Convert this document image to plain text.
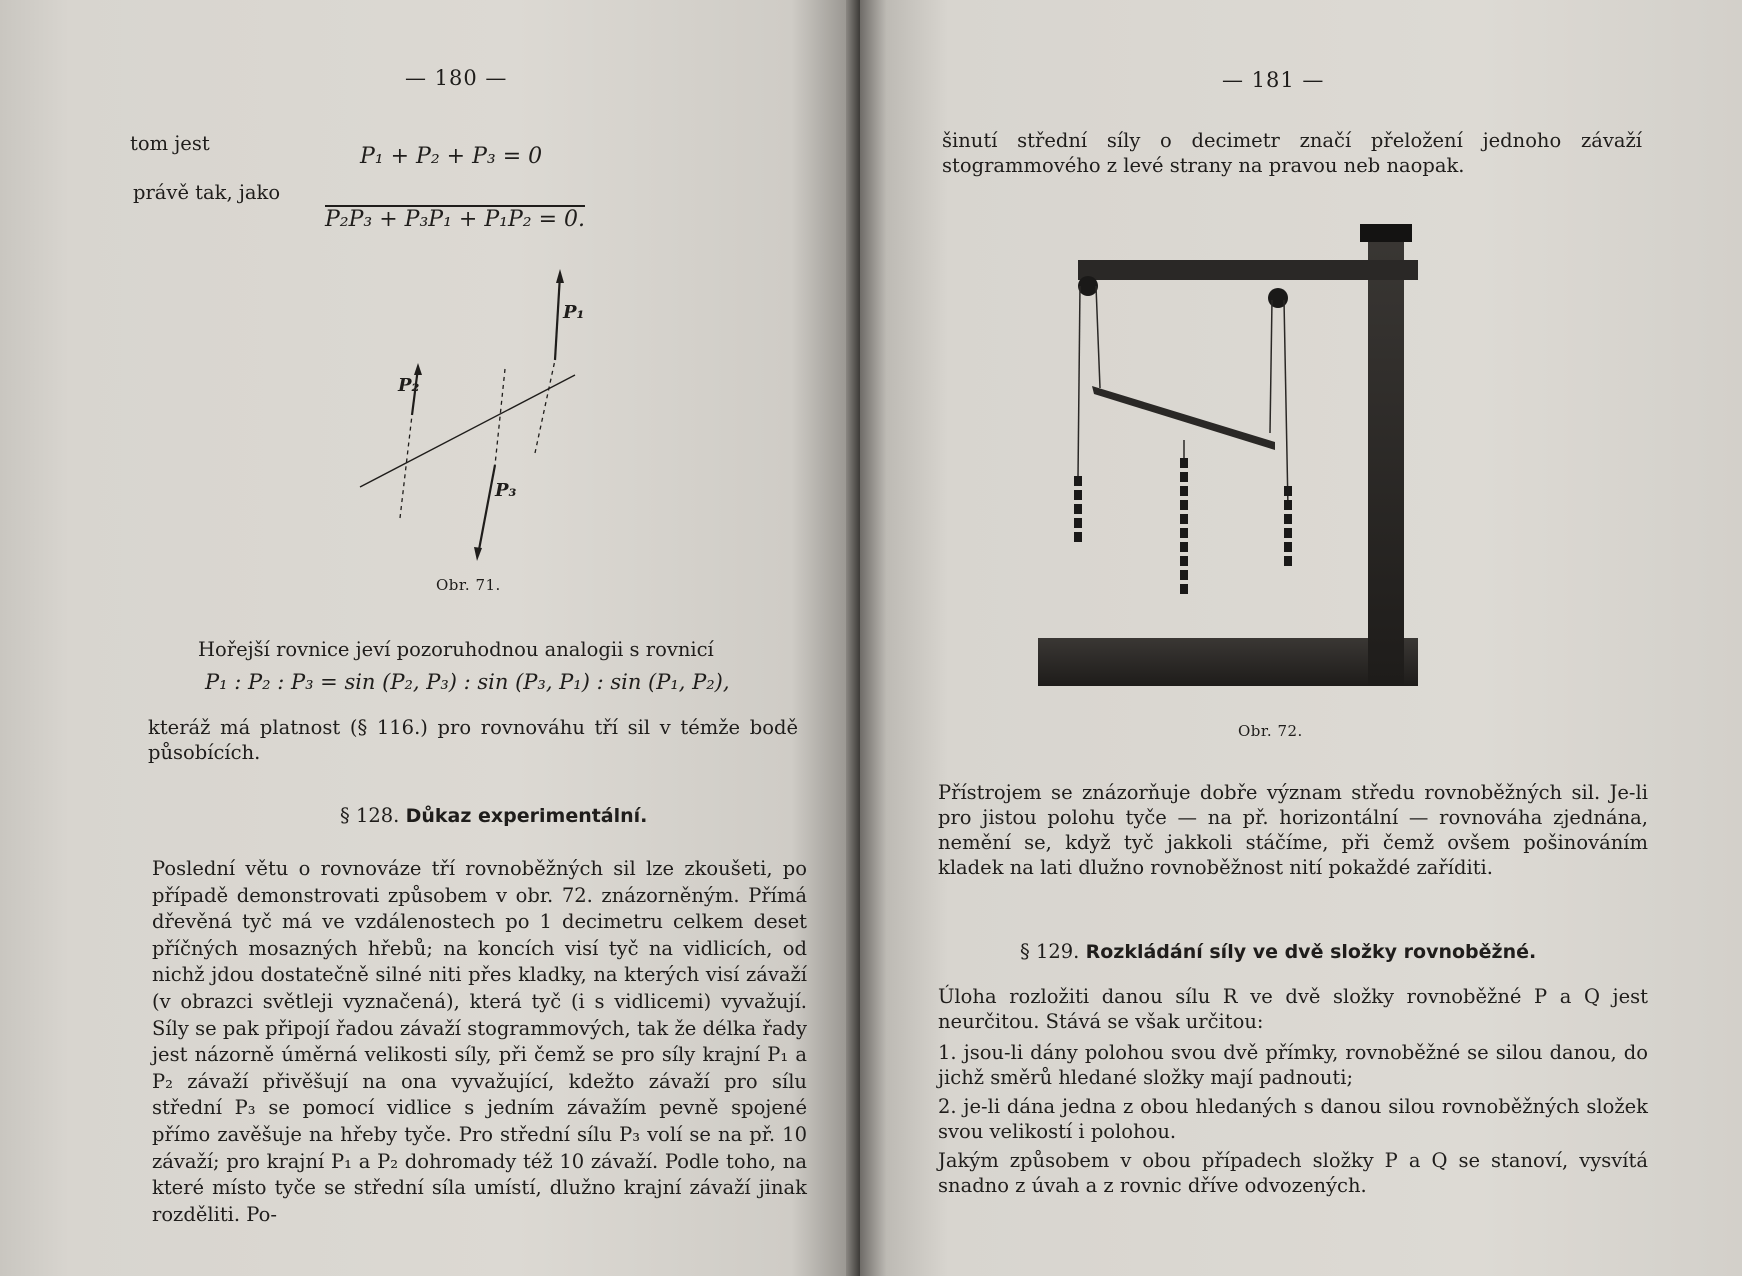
— 180 —
tom jest
P₁ + P₂ + P₃ = 0
právě tak, jako
P₂P₃ + P₃P₁ + P₁P₂ = 0.
P₁
P₂
P₃
Obr. 71.
Hořejší rovnice jeví pozoruhodnou analogii s rovnicí
P₁ : P₂ : P₃ = sin (P₂, P₃) : sin (P₃, P₁) : sin (P₁, P₂),
kteráž má platnost (§ 116.) pro rovnováhu tří sil v témže bodě působících.
§ 128. Důkaz experimentální.
Poslední větu o rovnováze tří rovnoběžných sil lze zkoušeti, po případě demonstrovati způsobem v obr. 72. znázorněným. Přímá dřevěná tyč má ve vzdálenostech po 1 decimetru celkem deset příčných mosazných hřebů; na koncích visí tyč na vidlicích, od nichž jdou dostatečně silné niti přes kladky, na kterých visí závaží (v obrazci světleji vyznačená), která tyč (i s vidlicemi) vyvažují. Síly se pak připojí řadou závaží stogrammových, tak že délka řady jest názorně úměrná velikosti síly, při čemž se pro síly krajní P₁ a P₂ závaží přivěšují na ona vyvažující, kdežto závaží pro sílu střední P₃ se pomocí vidlice s jedním závažím pevně spojené přímo zavěšuje na hřeby tyče. Pro střední sílu P₃ volí se na př. 10 závaží; pro krajní P₁ a P₂ dohromady též 10 závaží. Podle toho, na které místo tyče se střední síla umístí, dlužno krajní závaží jinak rozděliti. Po-
— 181 —
šinutí střední síly o decimetr značí přeložení jednoho závaží stogrammového z levé strany na pravou neb naopak.
Obr. 72.
Přístrojem se znázorňuje dobře význam středu rovnoběžných sil. Je-li pro jistou polohu tyče — na př. horizontální — rovnováha zjednána, nemění se, když tyč jakkoli stáčíme, při čemž ovšem pošinováním kladek na lati dlužno rovnoběžnost nití pokaždé zaříditi.
§ 129. Rozkládání síly ve dvě složky rovnoběžné.
Úloha rozložiti danou sílu R ve dvě složky rovnoběžné P a Q jest neurčitou. Stává se však určitou:
1. jsou-li dány polohou svou dvě přímky, rovnoběžné se silou danou, do jichž směrů hledané složky mají padnouti;
2. je-li dána jedna z obou hledaných s danou silou rovnoběžných složek svou velikostí i polohou.
Jakým způsobem v obou případech složky P a Q se stanoví, vysvítá snadno z úvah a z rovnic dříve odvozených.
